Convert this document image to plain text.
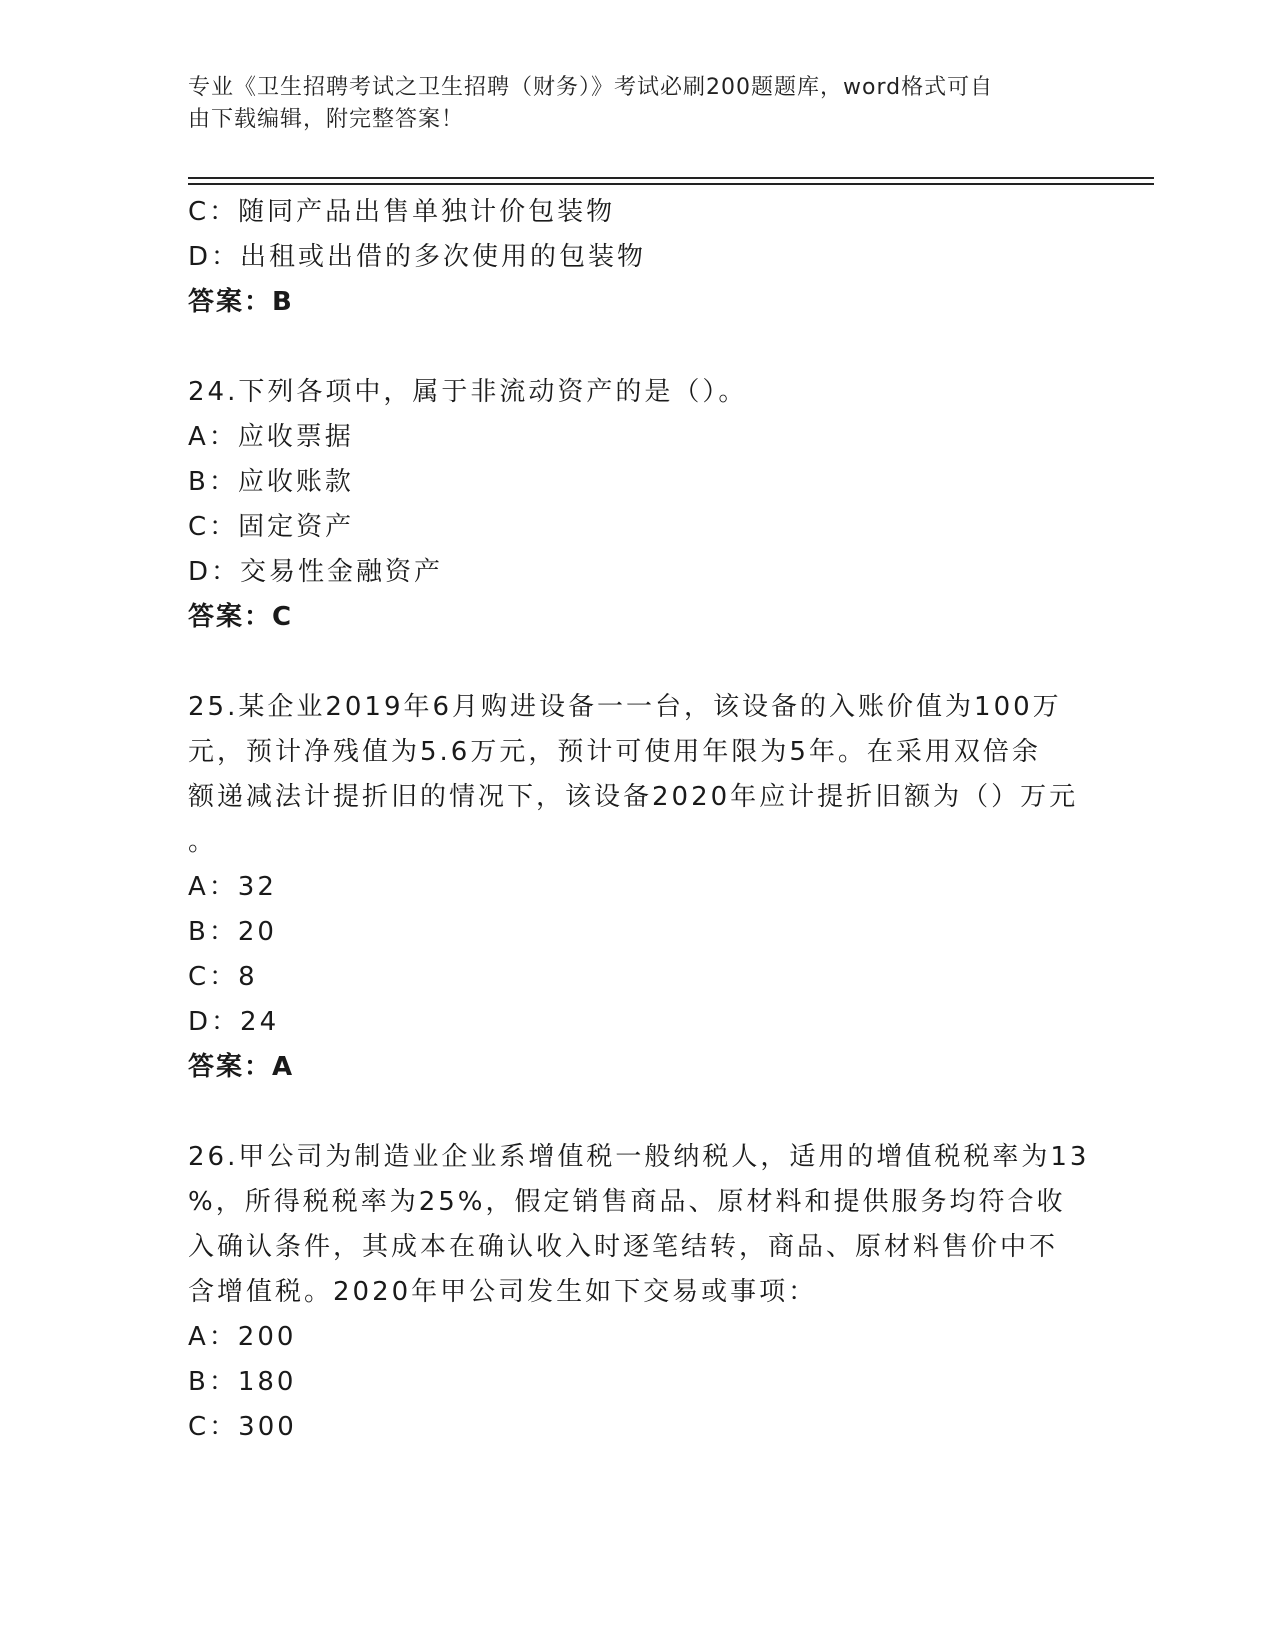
专业《卫生招聘考试之卫生招聘（财务）》考试必刷200题题库，word格式可自
由下载编辑，附完整答案！
C：随同产品出售单独计价包装物
D：出租或出借的多次使用的包装物
答案：B
24.下列各项中，属于非流动资产的是（）。
A：应收票据
B：应收账款
C：固定资产
D：交易性金融资产
答案：C
25.某企业2019年6月购进设备一一台，该设备的入账价值为100万
元，预计净残值为5.6万元，预计可使用年限为5年。在采用双倍余
额递减法计提折旧的情况下，该设备2020年应计提折旧额为（）万元
。
A：32
B：20
C：8
D：24
答案：A
26.甲公司为制造业企业系增值税一般纳税人，适用的增值税税率为13
%，所得税税率为25%，假定销售商品、原材料和提供服务均符合收
入确认条件，其成本在确认收入时逐笔结转，商品、原材料售价中不
含增值税。2020年甲公司发生如下交易或事项：
A：200
B：180
C：300
